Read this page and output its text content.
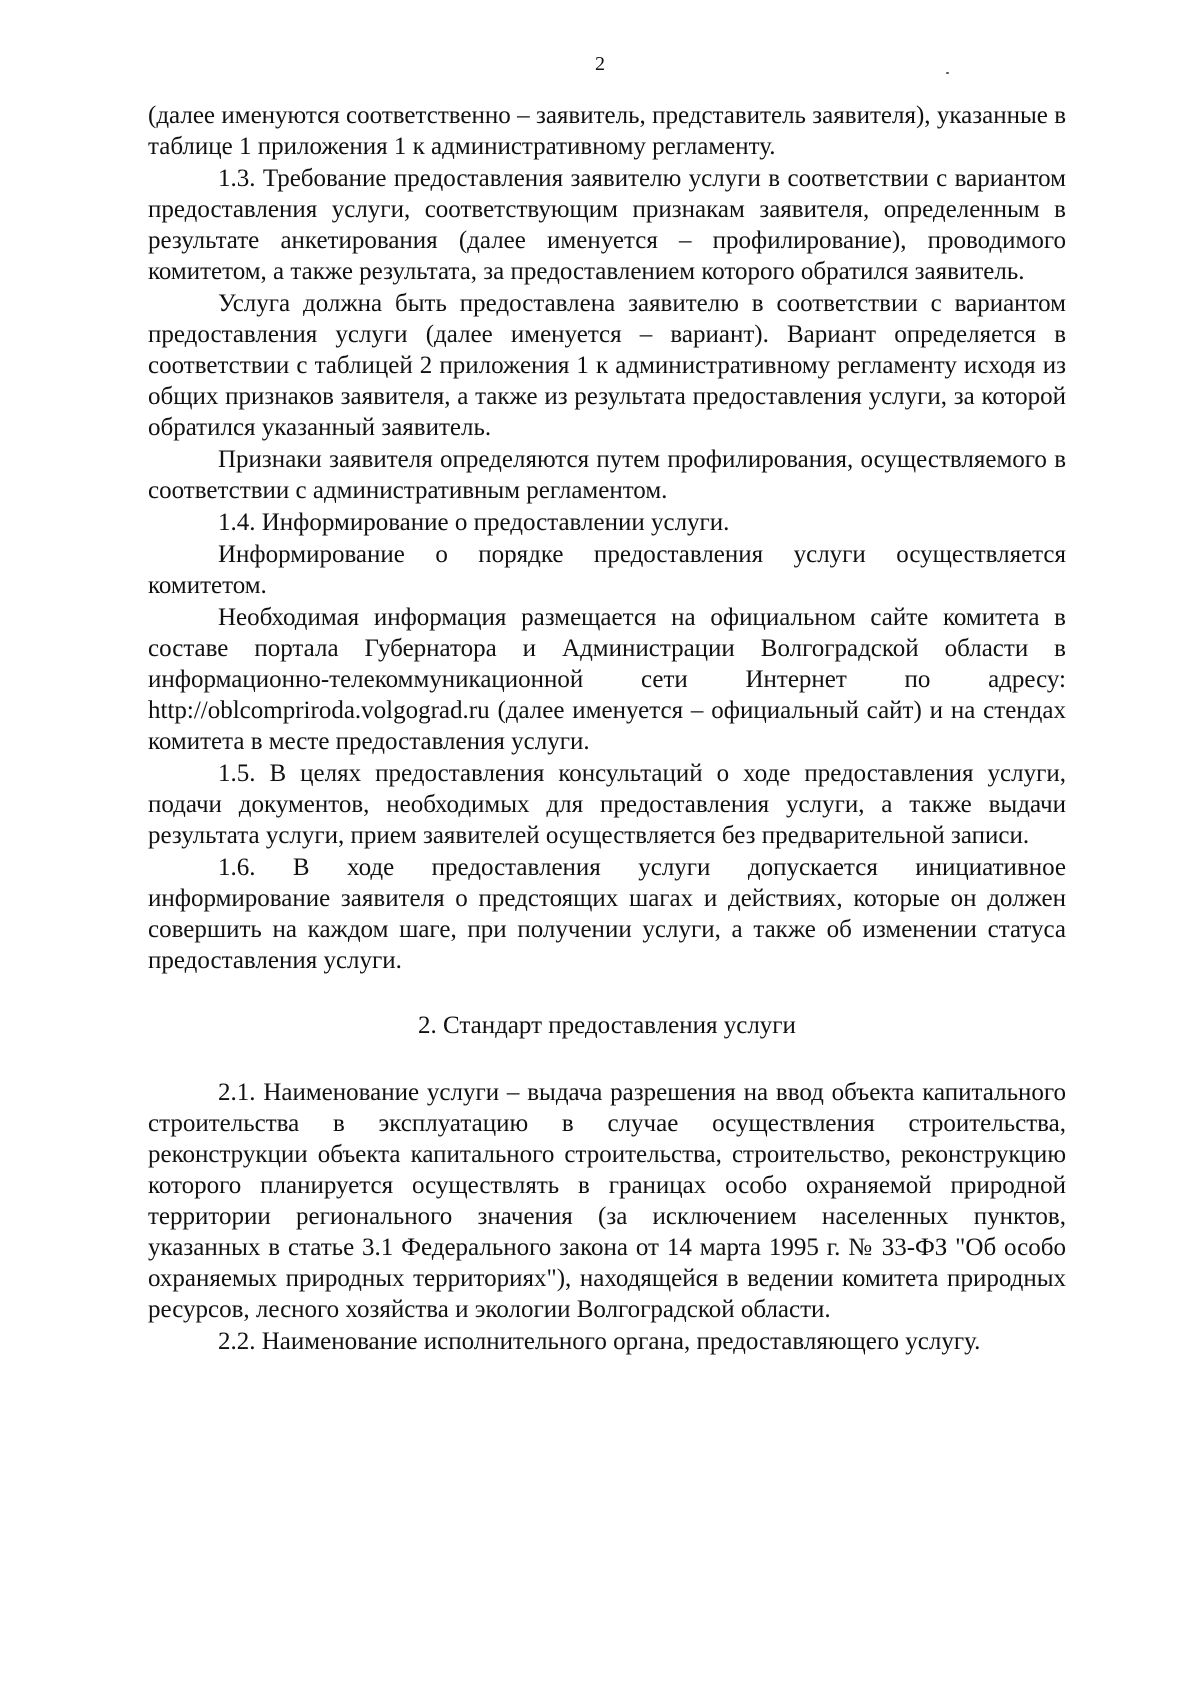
2

(далее именуются соответственно – заявитель, представитель заявителя), указанные в таблице 1 приложения 1 к административному регламенту.

1.3. Требование предоставления заявителю услуги в соответствии с вариантом предоставления услуги, соответствующим признакам заявителя, определенным в результате анкетирования (далее именуется – профилирование), проводимого комитетом, а также результата, за предоставлением которого обратился заявитель.

Услуга должна быть предоставлена заявителю в соответствии с вариантом предоставления услуги (далее именуется – вариант). Вариант определяется в соответствии с таблицей 2 приложения 1 к административному регламенту исходя из общих признаков заявителя, а также из результата предоставления услуги, за которой обратился указанный заявитель.

Признаки заявителя определяются путем профилирования, осуществляемого в соответствии с административным регламентом.

1.4. Информирование о предоставлении услуги.

Информирование о порядке предоставления услуги осуществляется комитетом.

Необходимая информация размещается на официальном сайте комитета в составе портала Губернатора и Администрации Волгоградской области в информационно-телекоммуникационной сети Интернет по адресу: http://oblcompriroda.volgograd.ru (далее именуется – официальный сайт) и на стендах комитета в месте предоставления услуги.

1.5. В целях предоставления консультаций о ходе предоставления услуги, подачи документов, необходимых для предоставления услуги, а также выдачи результата услуги, прием заявителей осуществляется без предварительной записи.

1.6. В ходе предоставления услуги допускается инициативное информирование заявителя о предстоящих шагах и действиях, которые он должен совершить на каждом шаге, при получении услуги, а также об изменении статуса предоставления услуги.

2. Стандарт предоставления услуги

2.1. Наименование услуги – выдача разрешения на ввод объекта капитального строительства в эксплуатацию в случае осуществления строительства, реконструкции объекта капитального строительства, строительство, реконструкцию которого планируется осуществлять в границах особо охраняемой природной территории регионального значения (за исключением населенных пунктов, указанных в статье 3.1 Федерального закона от 14 марта 1995 г. № 33-ФЗ "Об особо охраняемых природных территориях"), находящейся в ведении комитета природных ресурсов, лесного хозяйства и экологии Волгоградской области.

2.2. Наименование исполнительного органа, предоставляющего услугу.
